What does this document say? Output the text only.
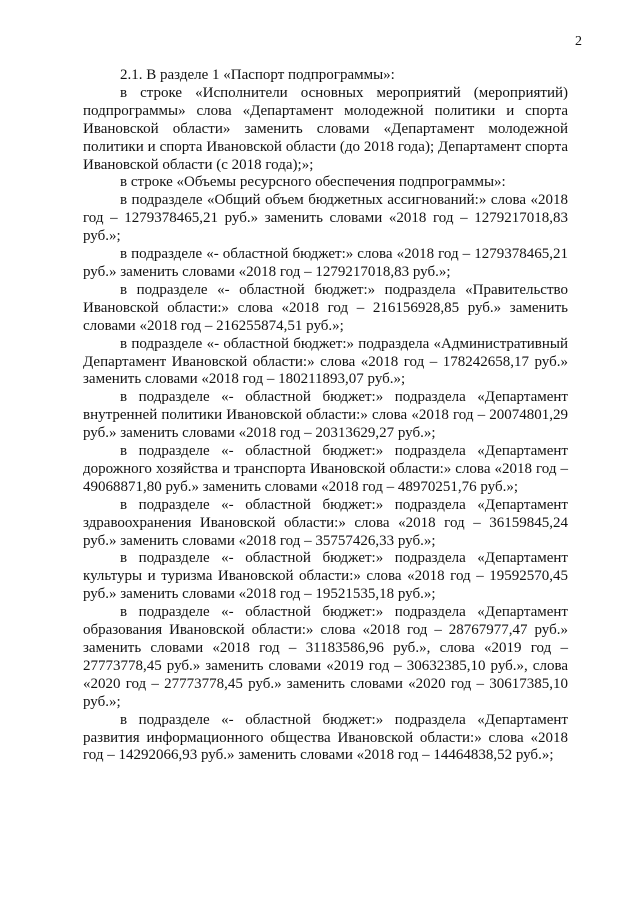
2

2.1. В разделе 1 «Паспорт подпрограммы»:

в строке «Исполнители основных мероприятий (мероприятий) подпрограммы» слова «Департамент молодежной политики и спорта Ивановской области» заменить словами «Департамент молодежной политики и спорта Ивановской области (до 2018 года); Департамент спорта Ивановской области (с 2018 года);»;

в строке «Объемы ресурсного обеспечения подпрограммы»:

в подразделе «Общий объем бюджетных ассигнований:» слова «2018 год – 1279378465,21 руб.» заменить словами «2018 год – 1279217018,83 руб.»;

в подразделе «- областной бюджет:» слова «2018 год – 1279378465,21 руб.» заменить словами «2018 год – 1279217018,83 руб.»;

в подразделе «- областной бюджет:» подраздела «Правительство Ивановской области:» слова «2018 год – 216156928,85 руб.» заменить словами «2018 год – 216255874,51 руб.»;

в подразделе «- областной бюджет:» подраздела «Административный Департамент Ивановской области:» слова «2018 год – 178242658,17 руб.» заменить словами «2018 год – 180211893,07 руб.»;

в подразделе «- областной бюджет:» подраздела «Департамент внутренней политики Ивановской области:» слова «2018 год – 20074801,29 руб.» заменить словами «2018 год – 20313629,27 руб.»;

в подразделе «- областной бюджет:» подраздела «Департамент дорожного хозяйства и транспорта Ивановской области:» слова «2018 год – 49068871,80 руб.» заменить словами «2018 год – 48970251,76 руб.»;

в подразделе «- областной бюджет:» подраздела «Департамент здравоохранения Ивановской области:» слова «2018 год – 36159845,24 руб.» заменить словами «2018 год – 35757426,33 руб.»;

в подразделе «- областной бюджет:» подраздела «Департамент культуры и туризма Ивановской области:» слова «2018 год – 19592570,45 руб.» заменить словами «2018 год – 19521535,18 руб.»;

в подразделе «- областной бюджет:» подраздела «Департамент образования Ивановской области:» слова «2018 год – 28767977,47 руб.» заменить словами «2018 год – 31183586,96 руб.», слова «2019 год – 27773778,45 руб.» заменить словами «2019 год – 30632385,10 руб.», слова «2020 год – 27773778,45 руб.» заменить словами «2020 год – 30617385,10 руб.»;

в подразделе «- областной бюджет:» подраздела «Департамент развития информационного общества Ивановской области:» слова «2018 год – 14292066,93 руб.» заменить словами «2018 год – 14464838,52 руб.»;
